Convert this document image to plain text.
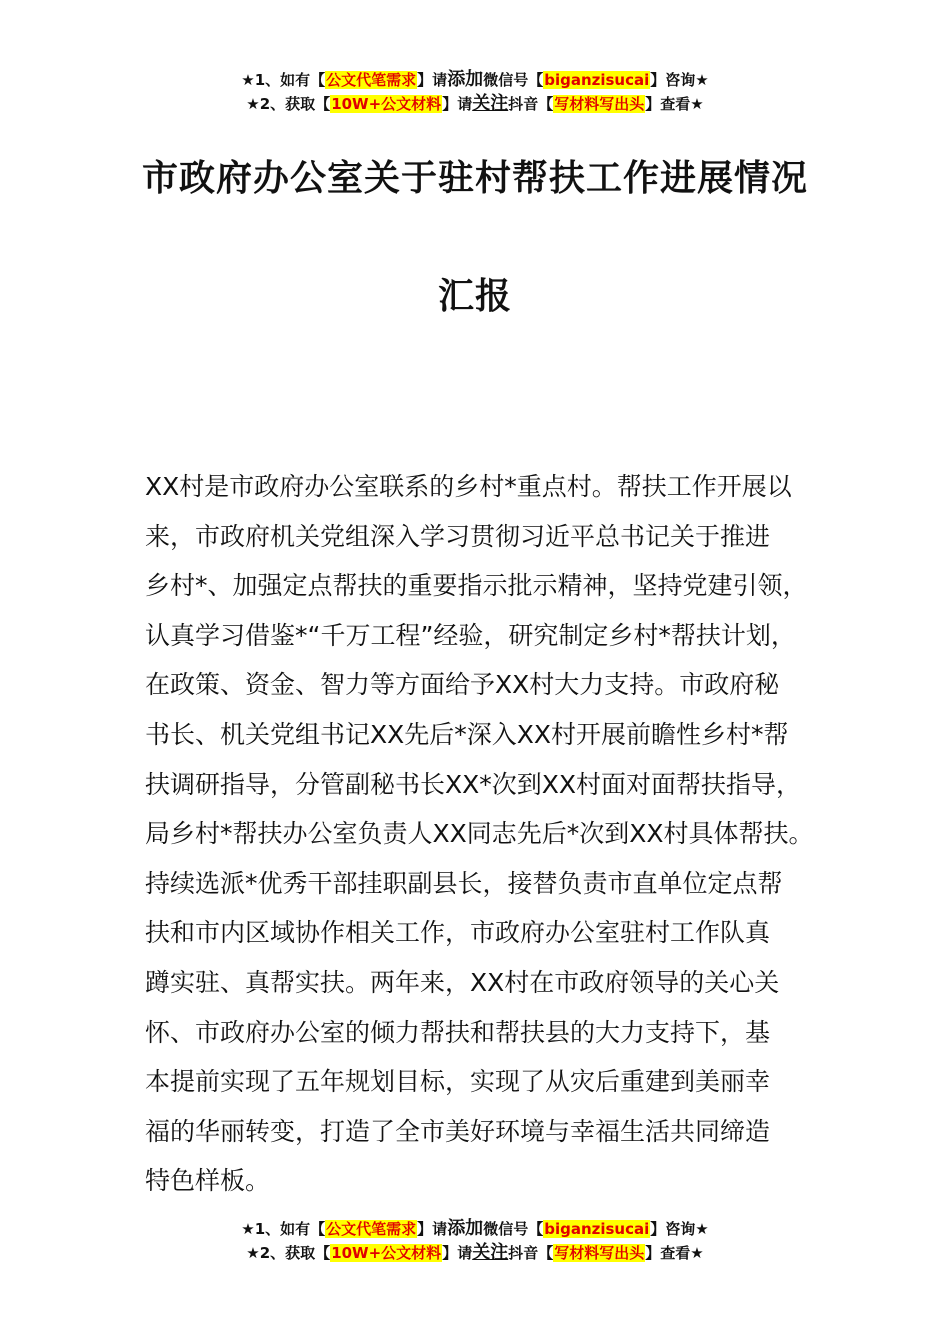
★1、如有【公文代笔需求】请添加微信号【biganzisucai】咨询★
★2、获取【10W+公文材料】请关注抖音【写材料写出头】查看★
市政府办公室关于驻村帮扶工作进展情况
汇报
XX村是市政府办公室联系的乡村*重点村。帮扶工作开展以
来，市政府机关党组深入学习贯彻习近平总书记关于推进
乡村*、加强定点帮扶的重要指示批示精神，坚持党建引领，
认真学习借鉴*“千万工程”经验，研究制定乡村*帮扶计划，
在政策、资金、智力等方面给予XX村大力支持。市政府秘
书长、机关党组书记XX先后*深入XX村开展前瞻性乡村*帮
扶调研指导，分管副秘书长XX*次到XX村面对面帮扶指导，
局乡村*帮扶办公室负责人XX同志先后*次到XX村具体帮扶。
持续选派*优秀干部挂职副县长，接替负责市直单位定点帮
扶和市内区域协作相关工作，市政府办公室驻村工作队真
蹲实驻、真帮实扶。两年来，XX村在市政府领导的关心关
怀、市政府办公室的倾力帮扶和帮扶县的大力支持下，基
本提前实现了五年规划目标，实现了从灾后重建到美丽幸
福的华丽转变，打造了全市美好环境与幸福生活共同缔造
特色样板。
★1、如有【公文代笔需求】请添加微信号【biganzisucai】咨询★
★2、获取【10W+公文材料】请关注抖音【写材料写出头】查看★
